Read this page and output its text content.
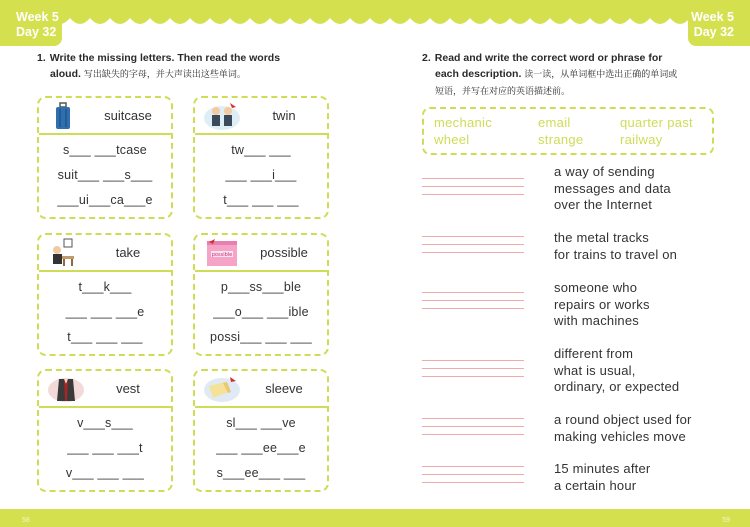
Week 5
Day 32
Week 5
Day 32
1. Write the missing letters. Then read the words
aloud. 写出缺失的字母，并大声读出这些单词。
suitcase
s___ ___tcase
suit___ ___s___
___ui___ca___e
twin
tw___ ___
___ ___i___
t___ ___ ___
take
t___k___
___ ___ ___e
t___ ___ ___
possible	possible
p___ss___ble
___o___ ___ible
possi___ ___ ___
vest
v___s___
___ ___ ___t
v___ ___ ___
sleeve
sl___ ___ve
___ ___ee___e
s___ee___ ___
2. Read and write the correct word or phrase for
each description. 读一读，从单词框中选出正确的单词或
短语，并写在对应的英语描述前。
mechanic	email	quarter past
wheel	strange	railway
a way of sending
messages and data
over the Internet
the metal tracks
for trains to travel on
someone who
repairs or works
with machines
different from
what is usual,
ordinary, or expected
a round object used for
making vehicles move
15 minutes after
a certain hour
58	59
